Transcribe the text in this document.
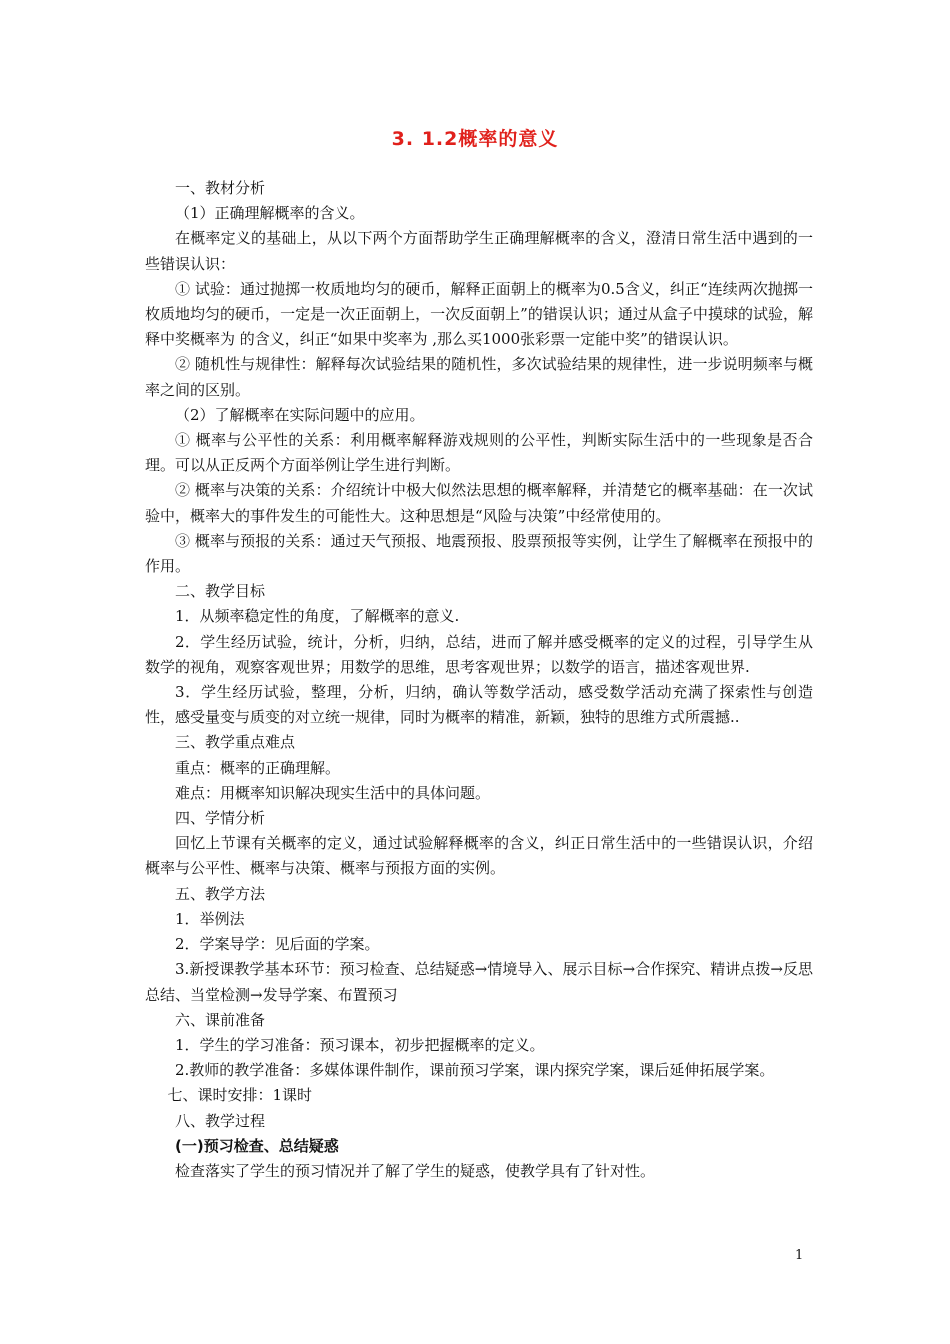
3. 1.2概率的意义

一、教材分析

（1）正确理解概率的含义。

在概率定义的基础上，从以下两个方面帮助学生正确理解概率的含义，澄清日常生活中遇到的一些错误认识：

① 试验：通过抛掷一枚质地均匀的硬币，解释正面朝上的概率为0.5含义，纠正“连续两次抛掷一枚质地均匀的硬币，一定是一次正面朝上，一次反面朝上”的错误认识；通过从盒子中摸球的试验，解释中奖概率为 的含义，纠正“如果中奖率为 ,那么买1000张彩票一定能中奖”的错误认识。

② 随机性与规律性：解释每次试验结果的随机性，多次试验结果的规律性，进一步说明频率与概率之间的区别。

（2）了解概率在实际问题中的应用。

① 概率与公平性的关系：利用概率解释游戏规则的公平性，判断实际生活中的一些现象是否合理。可以从正反两个方面举例让学生进行判断。

② 概率与决策的关系：介绍统计中极大似然法思想的概率解释，并清楚它的概率基础：在一次试验中，概率大的事件发生的可能性大。这种思想是“风险与决策”中经常使用的。

③ 概率与预报的关系：通过天气预报、地震预报、股票预报等实例，让学生了解概率在预报中的作用。

二、教学目标

1．从频率稳定性的角度，了解概率的意义.

2．学生经历试验，统计，分析，归纳，总结，进而了解并感受概率的定义的过程，引导学生从数学的视角，观察客观世界；用数学的思维，思考客观世界；以数学的语言，描述客观世界.

3．学生经历试验，整理，分析，归纳，确认等数学活动，感受数学活动充满了探索性与创造性，感受量变与质变的对立统一规律，同时为概率的精准，新颖，独特的思维方式所震撼..

三、教学重点难点

重点：概率的正确理解。

难点：用概率知识解决现实生活中的具体问题。

四、学情分析

回忆上节课有关概率的定义，通过试验解释概率的含义，纠正日常生活中的一些错误认识，介绍概率与公平性、概率与决策、概率与预报方面的实例。

五、教学方法

1．举例法

2．学案导学：见后面的学案。

3.新授课教学基本环节：预习检查、总结疑惑→情境导入、展示目标→合作探究、精讲点拨→反思总结、当堂检测→发导学案、布置预习

六、课前准备

1．学生的学习准备：预习课本，初步把握概率的定义。

2.教师的教学准备：多媒体课件制作，课前预习学案，课内探究学案，课后延伸拓展学案。

七、课时安排：1课时

八、教学过程

(一)预习检查、总结疑惑

检查落实了学生的预习情况并了解了学生的疑惑，使教学具有了针对性。

1
